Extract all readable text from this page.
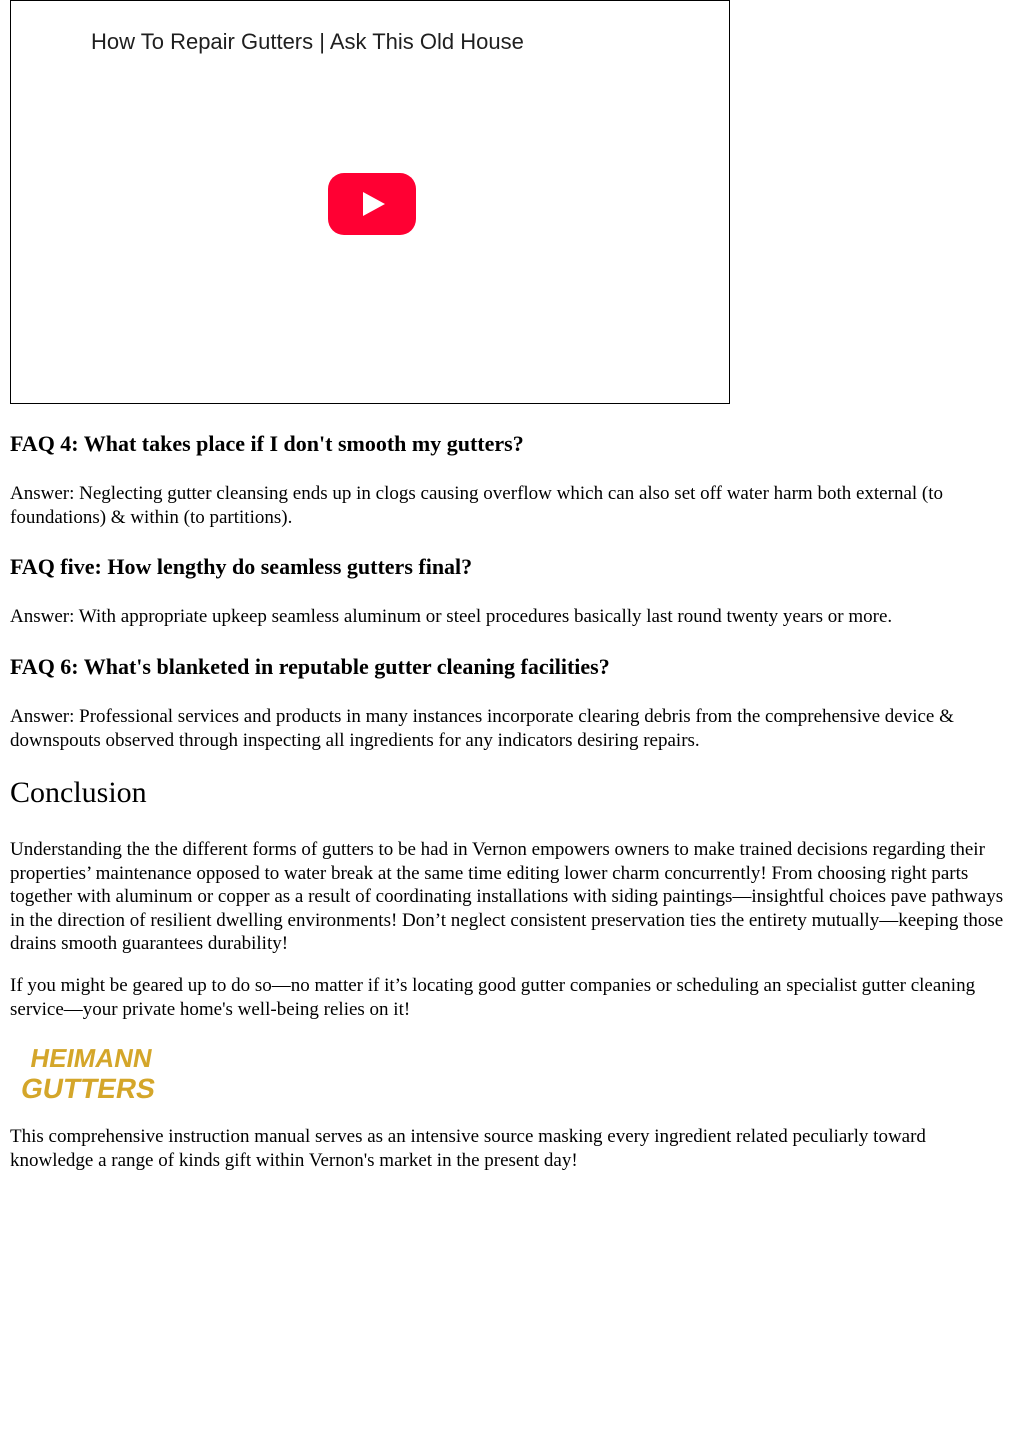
How To Repair Gutters | Ask This Old House
FAQ 4: What takes place if I don't smooth my gutters?
Answer: Neglecting gutter cleansing ends up in clogs causing overflow which can also set off water harm both external (to foundations) & within (to partitions).
FAQ five: How lengthy do seamless gutters final?
Answer: With appropriate upkeep seamless aluminum or steel procedures basically last round twenty years or more.
FAQ 6: What's blanketed in reputable gutter cleaning facilities?
Answer: Professional services and products in many instances incorporate clearing debris from the comprehensive device & downspouts observed through inspecting all ingredients for any indicators desiring repairs.
Conclusion
Understanding the the different forms of gutters to be had in Vernon empowers owners to make trained decisions regarding their properties’ maintenance opposed to water break at the same time editing lower charm concurrently! From choosing right parts together with aluminum or copper as a result of coordinating installations with siding paintings—insightful choices pave pathways in the direction of resilient dwelling environments! Don’t neglect consistent preservation ties the entirety mutually—keeping those drains smooth guarantees durability!
If you might be geared up to do so—no matter if it’s locating good gutter companies or scheduling an specialist gutter cleaning service—your private home's well-being relies on it!
HEIMANN
GUTTERS
This comprehensive instruction manual serves as an intensive source masking every ingredient related peculiarly toward knowledge a range of kinds gift within Vernon's market in the present day!
